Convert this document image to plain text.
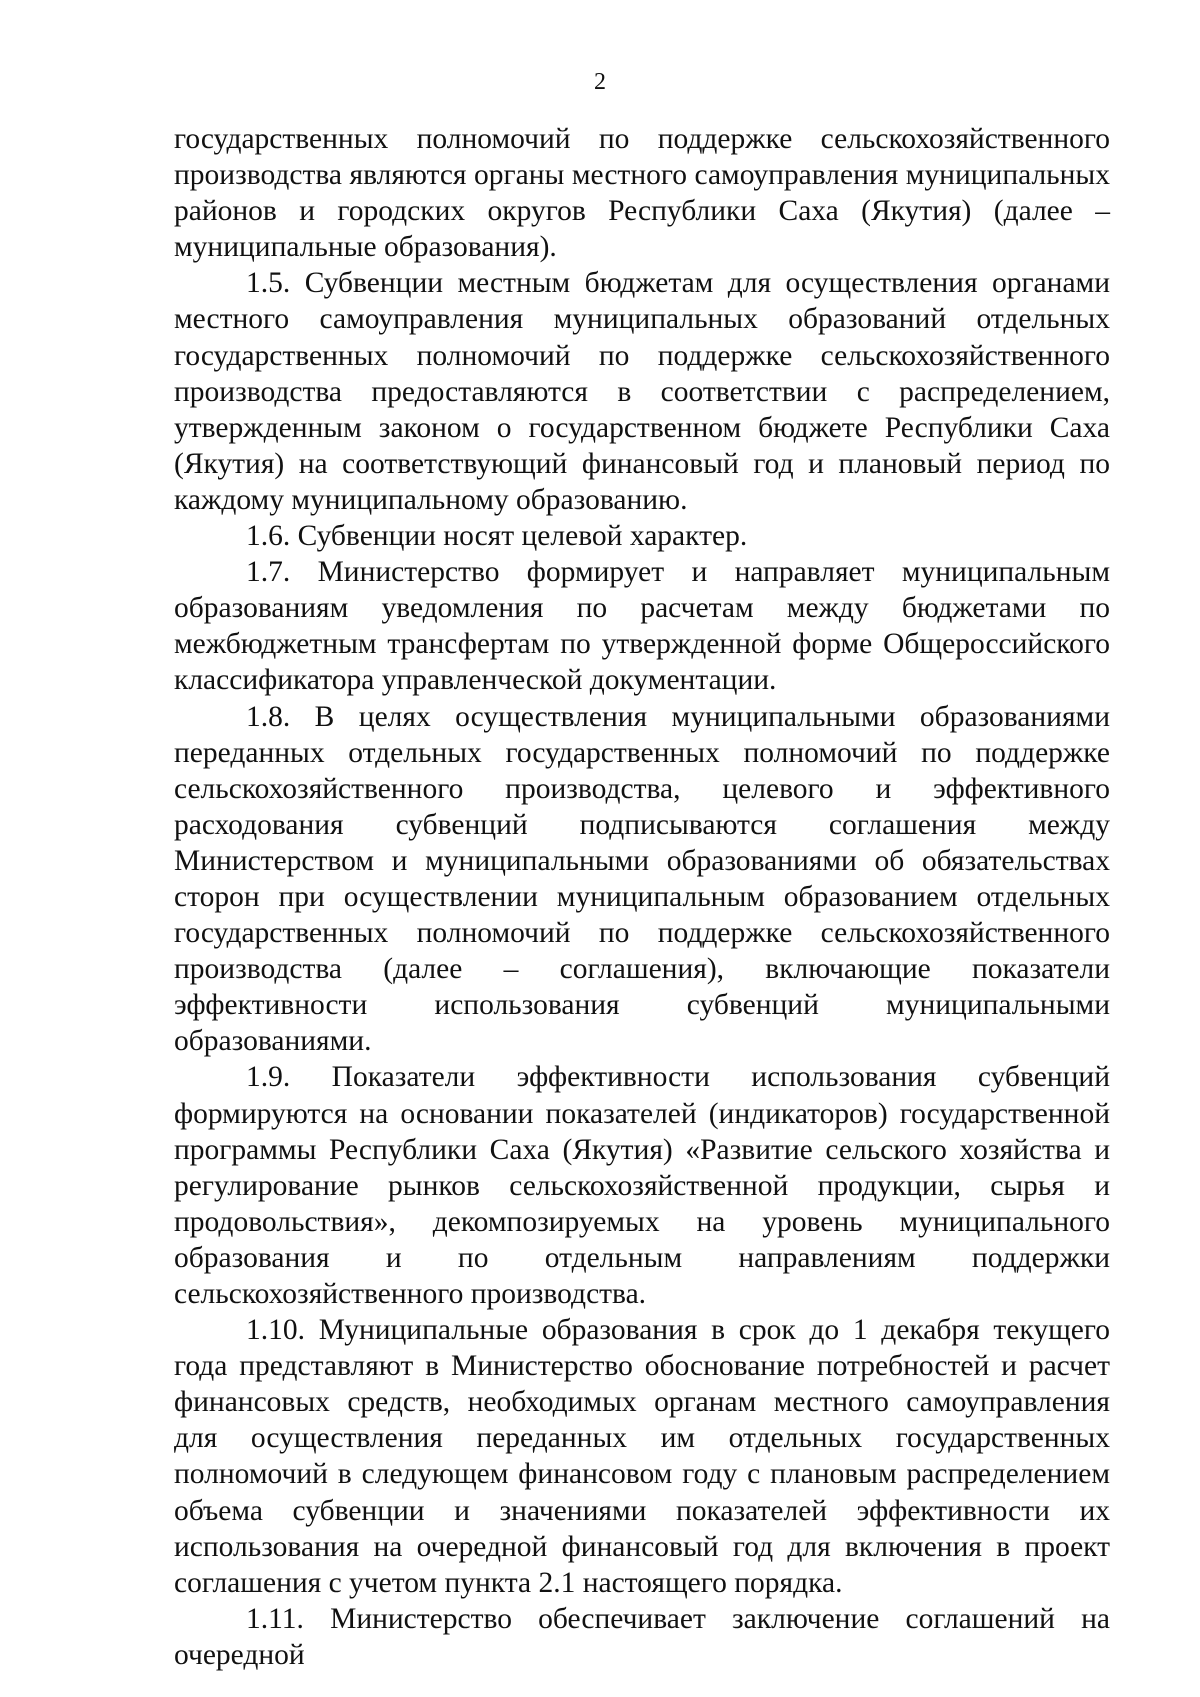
2

государственных полномочий по поддержке сельскохозяйственного производства являются органы местного самоуправления муниципальных районов и городских округов Республики Саха (Якутия) (далее – муниципальные образования).

1.5. Субвенции местным бюджетам для осуществления органами местного самоуправления муниципальных образований отдельных государственных полномочий по поддержке сельскохозяйственного производства предоставляются в соответствии с распределением, утвержденным законом о государственном бюджете Республики Саха (Якутия) на соответствующий финансовый год и плановый период по каждому муниципальному образованию.

1.6. Субвенции носят целевой характер.

1.7. Министерство формирует и направляет муниципальным образованиям уведомления по расчетам между бюджетами по межбюджетным трансфертам по утвержденной форме Общероссийского классификатора управленческой документации.

1.8. В целях осуществления муниципальными образованиями переданных отдельных государственных полномочий по поддержке сельскохозяйственного производства, целевого и эффективного расходования субвенций подписываются соглашения между Министерством и муниципальными образованиями об обязательствах сторон при осуществлении муниципальным образованием отдельных государственных полномочий по поддержке сельскохозяйственного производства (далее – соглашения), включающие показатели эффективности использования субвенций муниципальными образованиями.

1.9. Показатели эффективности использования субвенций формируются на основании показателей (индикаторов) государственной программы Республики Саха (Якутия) «Развитие сельского хозяйства и регулирование рынков сельскохозяйственной продукции, сырья и продовольствия», декомпозируемых на уровень муниципального образования и по отдельным направлениям поддержки сельскохозяйственного производства.

1.10. Муниципальные образования в срок до 1 декабря текущего года представляют в Министерство обоснование потребностей и расчет финансовых средств, необходимых органам местного самоуправления для осуществления переданных им отдельных государственных полномочий в следующем финансовом году с плановым распределением объема субвенции и значениями показателей эффективности их использования на очередной финансовый год для включения в проект соглашения с учетом пункта 2.1 настоящего порядка.

1.11. Министерство обеспечивает заключение соглашений на очередной
